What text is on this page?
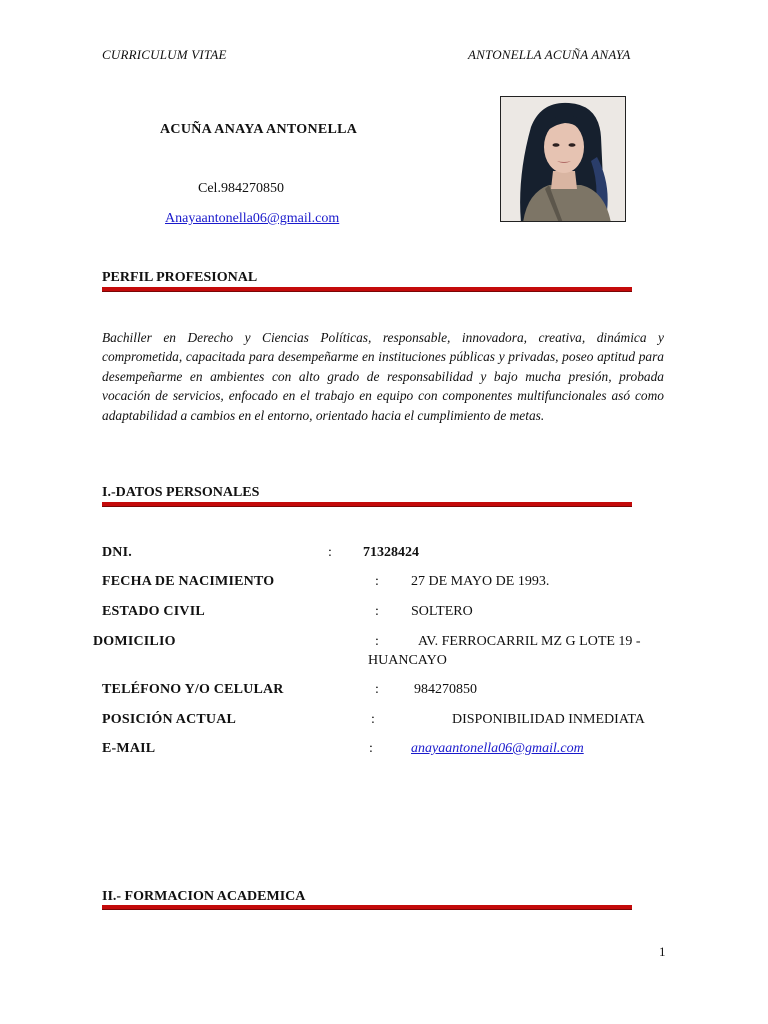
CURRICULUM VITAE	ANTONELLA ACUÑA ANAYA
ACUÑA ANAYA ANTONELLA
Cel.984270850
Anayaantonella06@gmail.com
PERFIL PROFESIONAL
Bachiller en Derecho y Ciencias Políticas, responsable, innovadora, creativa, dinámica y comprometida, capacitada para desempeñarme en instituciones públicas y privadas, poseo aptitud para desempeñarme en ambientes con alto grado de responsabilidad y bajo mucha presión, probada vocación de servicios, enfocado en el trabajo en equipo con componentes multifuncionales asó como adaptabilidad a cambios en el entorno, orientado hacia el cumplimiento de metas.
I.-DATOS PERSONALES
DNI.	: 71328424
FECHA DE NACIMIENTO	: 27 DE MAYO DE 1993.
ESTADO CIVIL	: SOLTERO
DOMICILIO	:	AV. FERROCARRIL MZ G LOTE 19 -
HUANCAYO
TELÉFONO Y/O CELULAR	:	984270850
POSICIÓN ACTUAL	:	DISPONIBILIDAD INMEDIATA
E-MAIL	:	anayaantonella06@gmail.com
II.- FORMACION ACADEMICA
1
